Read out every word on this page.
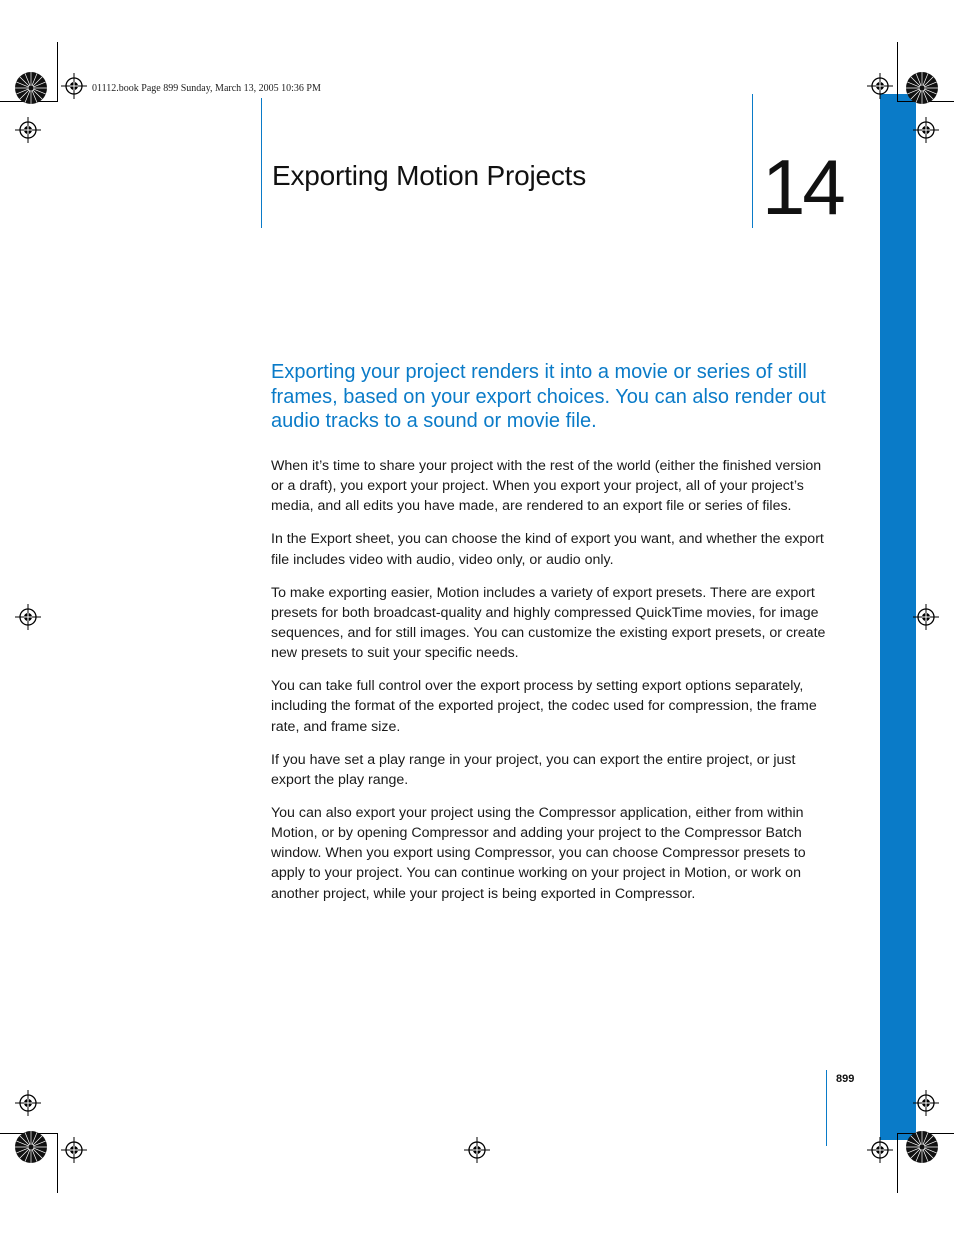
01112.book Page 899 Sunday, March 13, 2005 10:36 PM
Exporting Motion Projects 14
Exporting your project renders it into a movie or series of still frames, based on your export choices. You can also render out audio tracks to a sound or movie file.

When it’s time to share your project with the rest of the world (either the finished version or a draft), you export your project. When you export your project, all of your project’s media, and all edits you have made, are rendered to an export file or series of files.

In the Export sheet, you can choose the kind of export you want, and whether the export file includes video with audio, video only, or audio only.

To make exporting easier, Motion includes a variety of export presets. There are export presets for both broadcast-quality and highly compressed QuickTime movies, for image sequences, and for still images. You can customize the existing export presets, or create new presets to suit your specific needs.

You can take full control over the export process by setting export options separately, including the format of the exported project, the codec used for compression, the frame rate, and frame size.

If you have set a play range in your project, you can export the entire project, or just export the play range.

You can also export your project using the Compressor application, either from within Motion, or by opening Compressor and adding your project to the Compressor Batch window. When you export using Compressor, you can choose Compressor presets to apply to your project. You can continue working on your project in Motion, or work on another project, while your project is being exported in Compressor.

899
